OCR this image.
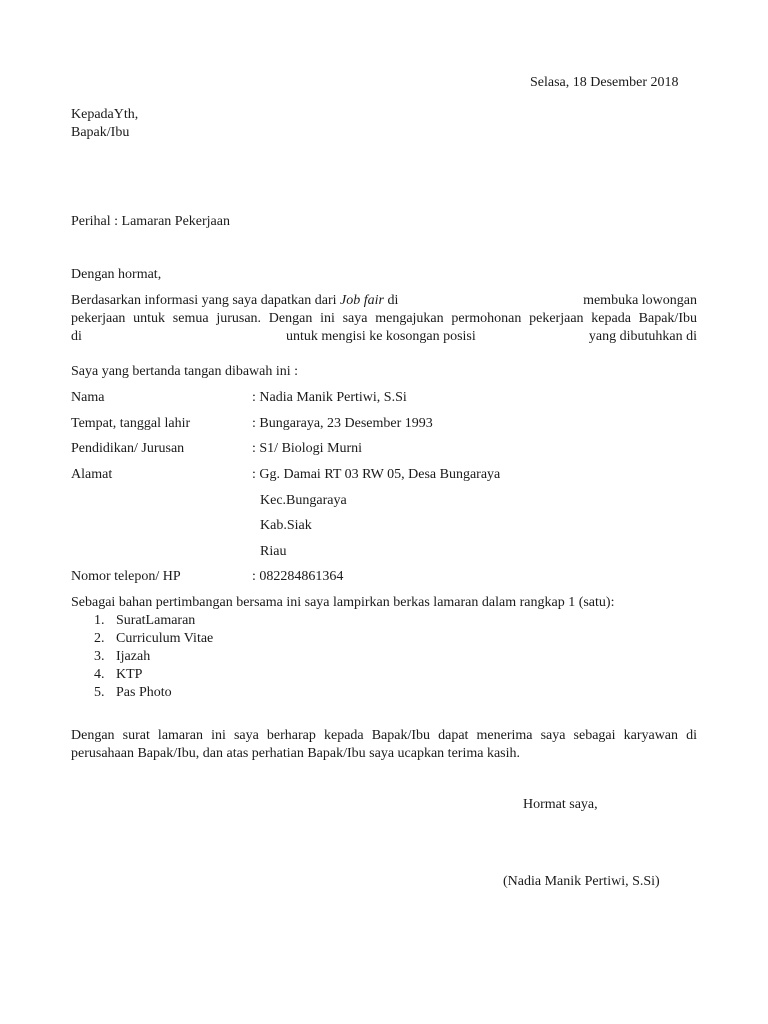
Selasa, 18 Desember 2018
KepadaYth,
Bapak/Ibu
Perihal : Lamaran Pekerjaan
Dengan hormat,
Berdasarkan informasi yang saya dapatkan dari Job fair di	membuka lowongan
pekerjaan untuk semua jurusan. Dengan ini saya mengajukan permohonan pekerjaan kepada Bapak/Ibu
di	untuk mengisi ke kosongan posisi	yang dibutuhkan di
Saya yang bertanda tangan dibawah ini :
Nama	: Nadia Manik Pertiwi, S.Si
Tempat, tanggal lahir	: Bungaraya, 23 Desember 1993
Pendidikan/ Jurusan	: S1/ Biologi Murni
Alamat	: Gg. Damai RT 03 RW 05, Desa Bungaraya
Kec.Bungaraya
Kab.Siak
Riau
Nomor telepon/ HP	: 082284861364
Sebagai bahan pertimbangan bersama ini saya lampirkan berkas lamaran dalam rangkap 1 (satu):
1. SuratLamaran
2. Curriculum Vitae
3. Ijazah
4. KTP
5. Pas Photo
Dengan surat lamaran ini saya berharap kepada Bapak/Ibu dapat menerima saya sebagai karyawan di
perusahaan Bapak/Ibu, dan atas perhatian Bapak/Ibu saya ucapkan terima kasih.
Hormat saya,
(Nadia Manik Pertiwi, S.Si)
